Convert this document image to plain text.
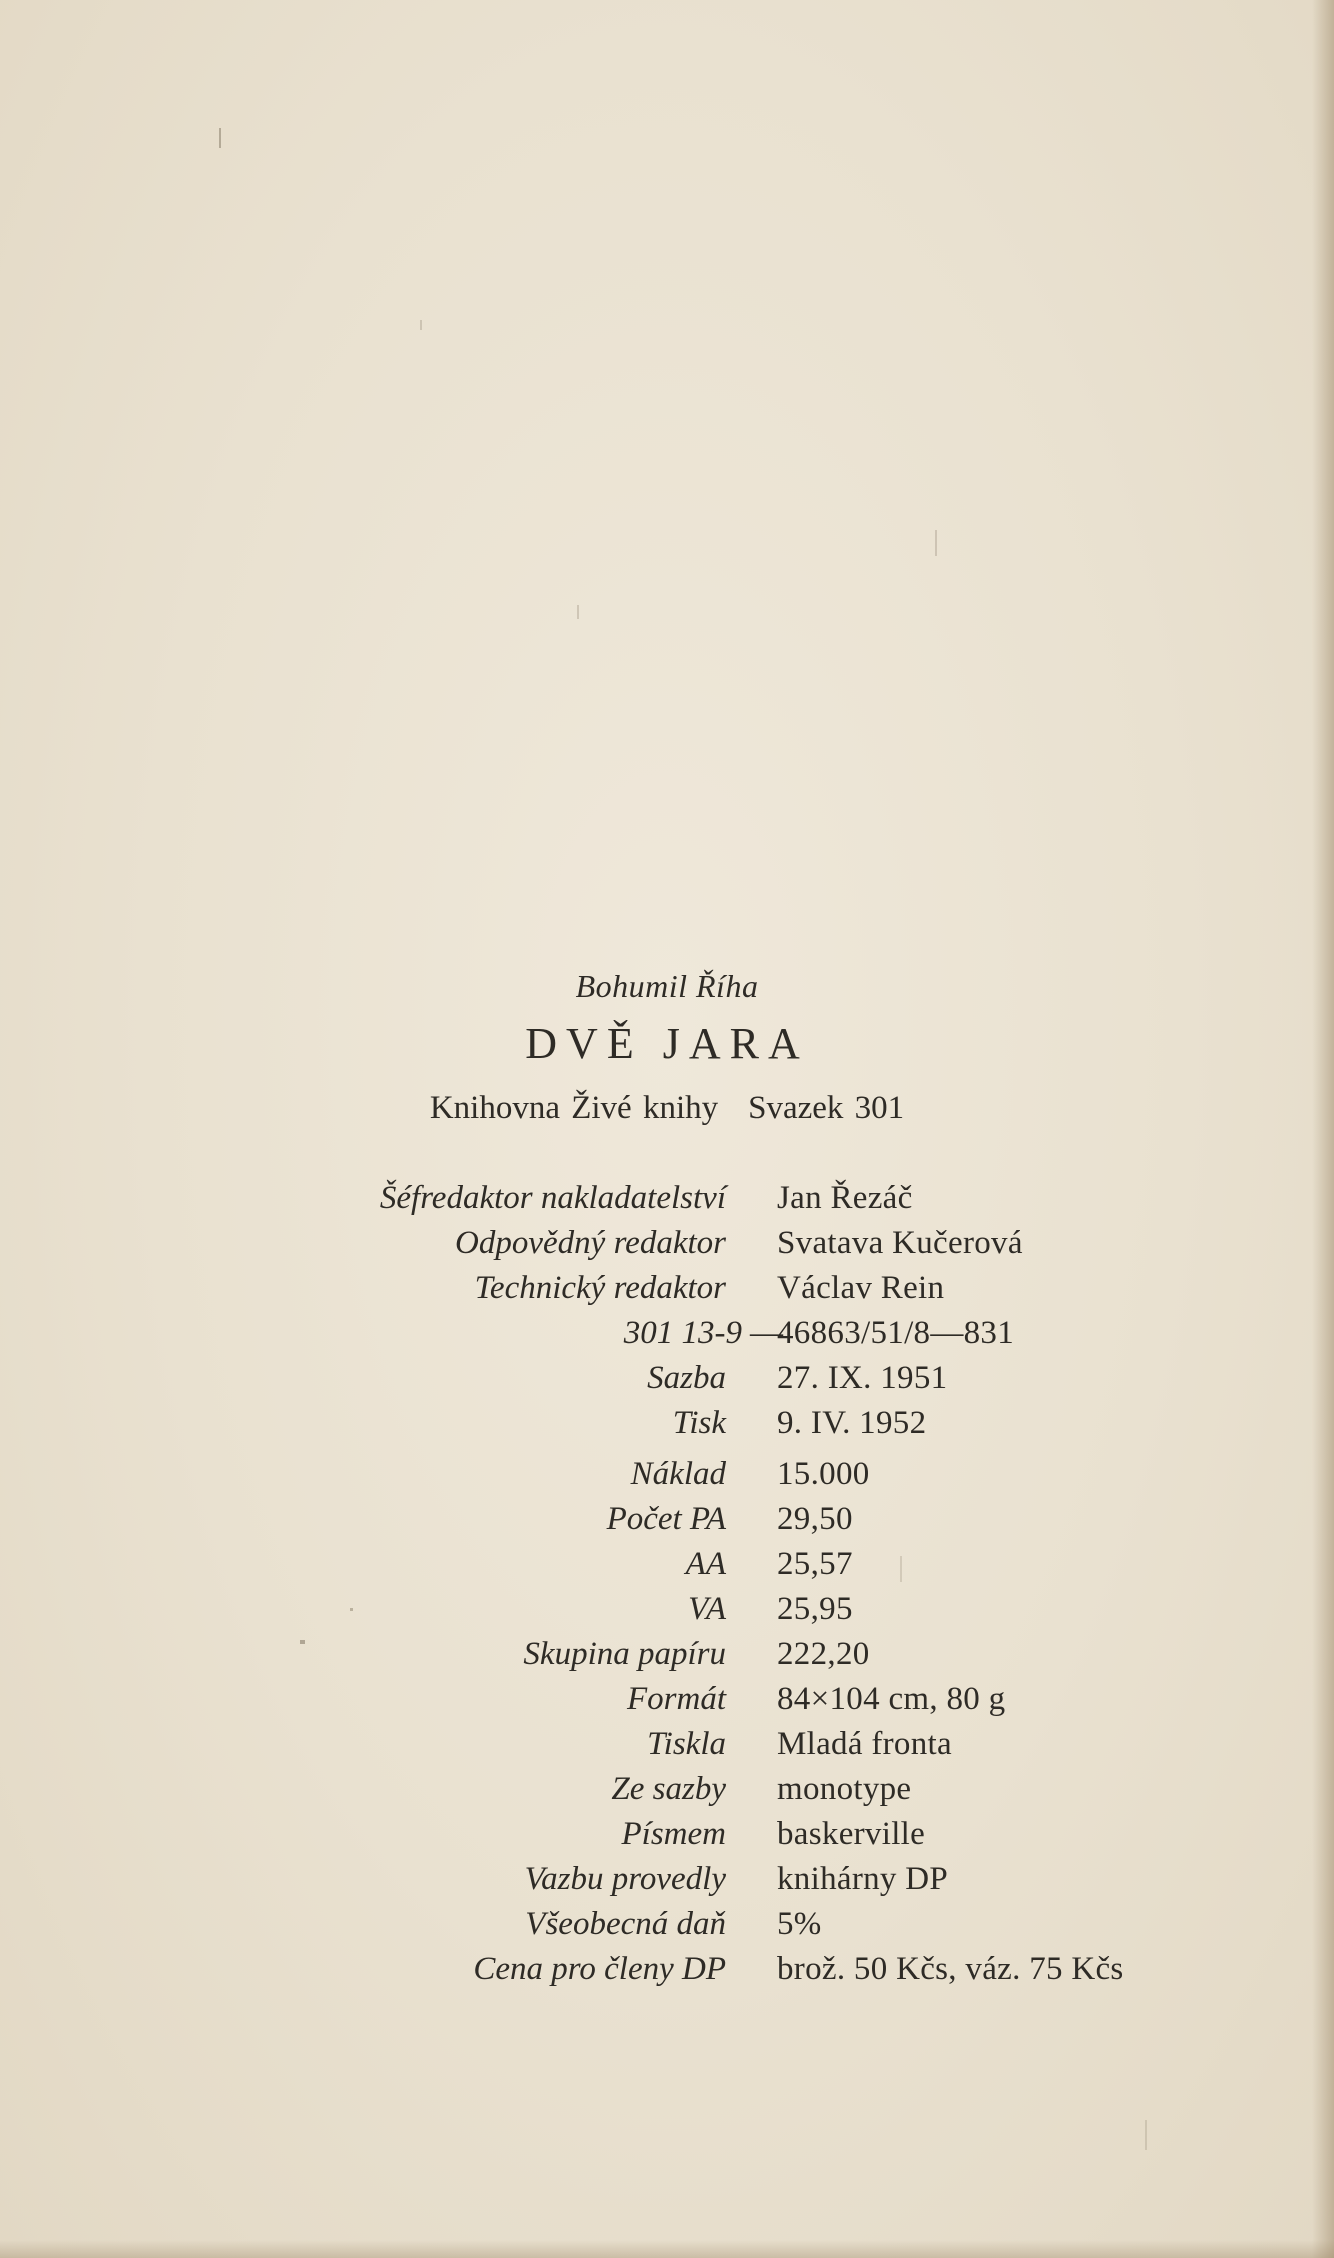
Bohumil Říha
DVĚ JARA
Knihovna Živé knihy Svazek 301
Šéfredaktor nakladatelství Jan Řezáč
Odpovědný redaktor Svatava Kučerová
Technický redaktor Václav Rein
301 13-9 —
46863/51/8—831
Sazba 27. IX. 1951
Tisk 9. IV. 1952
Náklad 15.000
Počet PA 29,50
AA 25,57
VA 25,95
Skupina papíru 222,20
Formát 84×104 cm, 80 g
Tiskla Mladá fronta
Ze sazby monotype
Písmem baskerville
Vazbu provedly knihárny DP
Všeobecná daň 5%
Cena pro členy DP brož. 50 Kčs, váz. 75 Kčs
